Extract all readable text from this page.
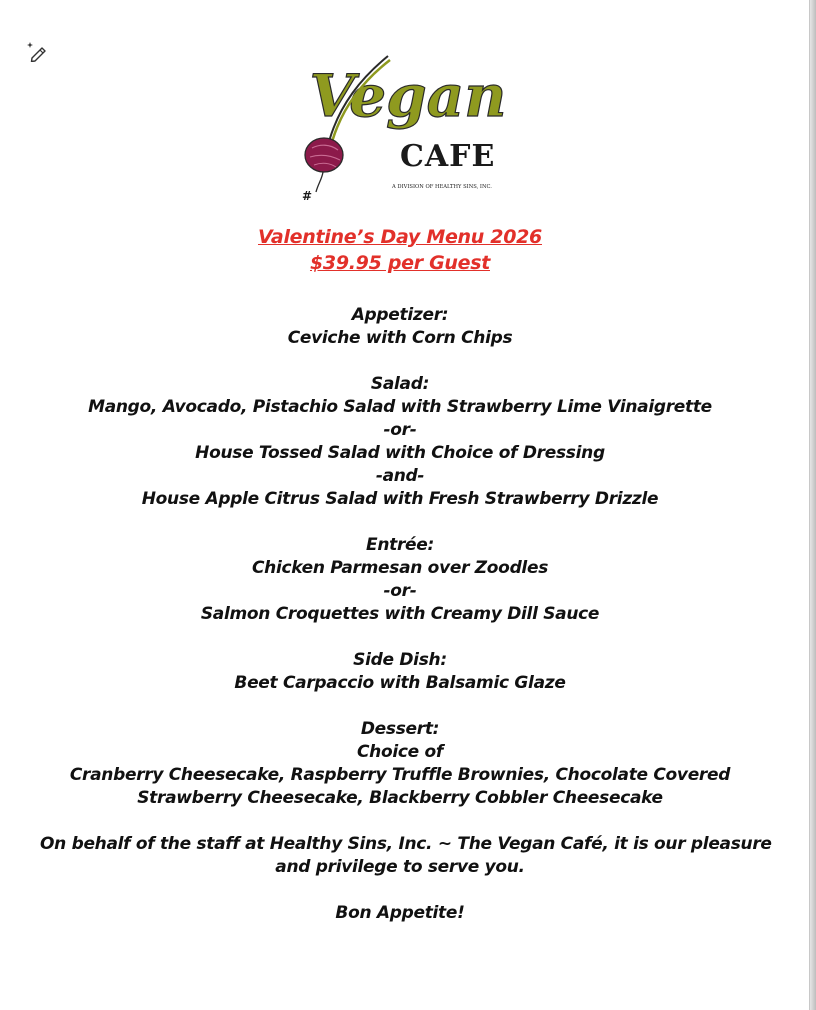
Vegan
#
CAFE
A DIVISION OF HEALTHY SINS, INC.
Valentine’s Day Menu 2026
$39.95 per Guest
Appetizer:
Ceviche with Corn Chips
Salad:
Mango, Avocado, Pistachio Salad with Strawberry Lime Vinaigrette
-or-
House Tossed Salad with Choice of Dressing
-and-
House Apple Citrus Salad with Fresh Strawberry Drizzle
Entrée:
Chicken Parmesan over Zoodles
-or-
Salmon Croquettes with Creamy Dill Sauce
Side Dish:
Beet Carpaccio with Balsamic Glaze
Dessert:
Choice of
Cranberry Cheesecake, Raspberry Truffle Brownies, Chocolate Covered
Strawberry Cheesecake, Blackberry Cobbler Cheesecake
On behalf of the staff at Healthy Sins, Inc. ~ The Vegan Café, it is our pleasure
and privilege to serve you.
Bon Appetite!
